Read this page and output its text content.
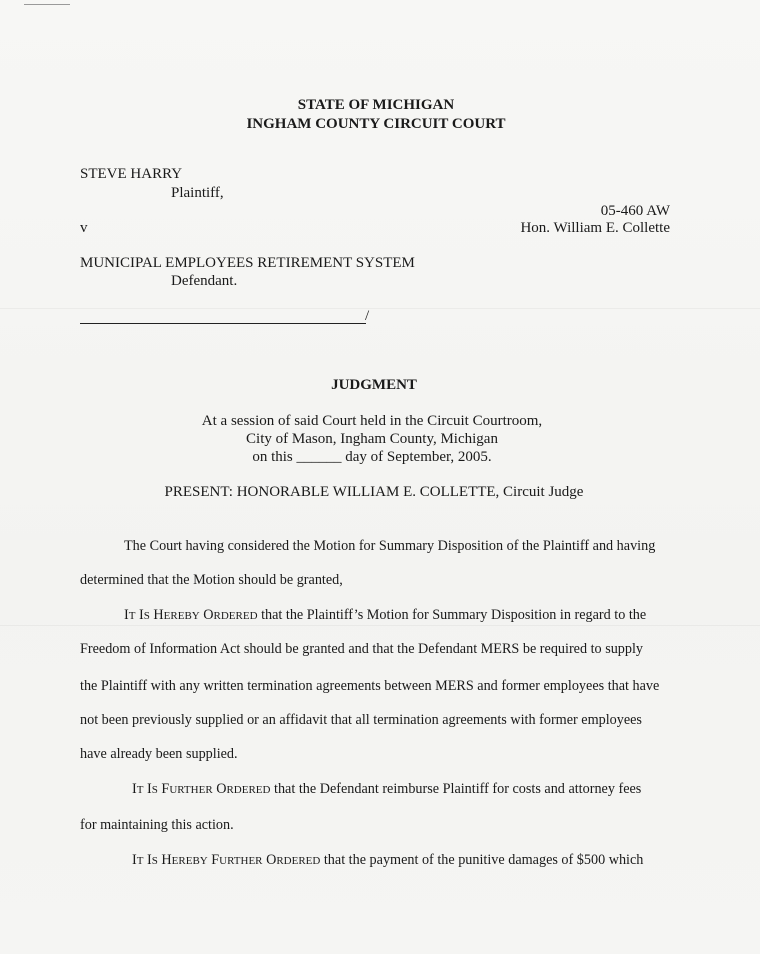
STATE OF MICHIGAN
INGHAM COUNTY CIRCUIT COURT
STEVE HARRY
Plaintiff,
05-460 AW
v	Hon. William E. Collette
MUNICIPAL EMPLOYEES RETIREMENT SYSTEM
Defendant.
/
JUDGMENT
At a session of said Court held in the Circuit Courtroom,
City of Mason, Ingham County, Michigan
on this ______ day of September, 2005.
PRESENT: HONORABLE WILLIAM E. COLLETTE, Circuit Judge
The Court having considered the Motion for Summary Disposition of the Plaintiff and having
determined that the Motion should be granted,
IT IS HEREBY ORDERED that the Plaintiff’s Motion for Summary Disposition in regard to the
Freedom of Information Act should be granted and that the Defendant MERS be required to supply
the Plaintiff with any written termination agreements between MERS and former employees that have
not been previously supplied or an affidavit that all termination agreements with former employees
have already been supplied.
IT IS FURTHER ORDERED that the Defendant reimburse Plaintiff for costs and attorney fees
for maintaining this action.
IT IS HEREBY FURTHER ORDERED that the payment of the punitive damages of $500 which
